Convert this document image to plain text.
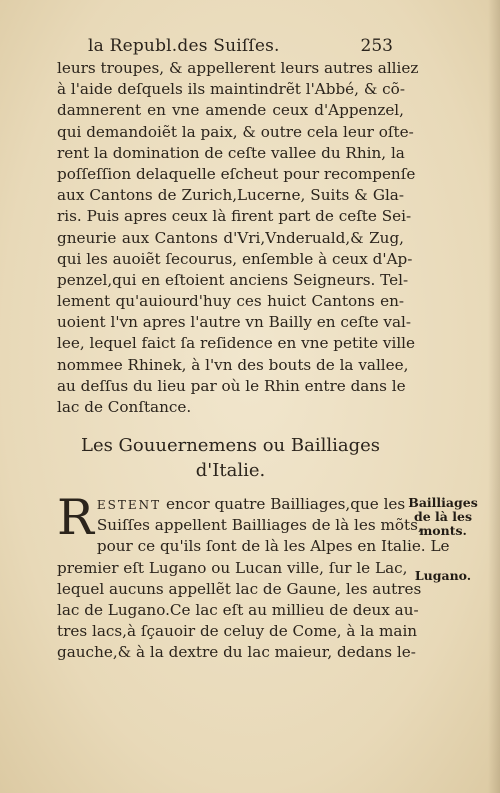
la Republ.des Suiſſes.	253
leurs troupes, & appellerent leurs autres alliez
à l'aide deſquels ils maintindrẽt l'Abbé, & cõ-
damnerent en vne amende ceux d'Appenzel,
qui demandoiẽt la paix, & outre cela leur oſte-
rent la domination de ceſte vallee du Rhin, la
poſſeſſion delaquelle eſcheut pour recompenſe
aux Cantons de Zurich,Lucerne, Suits & Gla-
ris. Puis apres ceux là firent part de ceſte Sei-
gneurie aux Cantons d'Vri,Vnderuald,& Zug,
qui les auoiẽt ſecourus, enſemble à ceux d'Ap-
penzel,qui en eſtoient anciens Seigneurs. Tel-
lement qu'auiourd'huy ces huict Cantons en-
uoient l'vn apres l'autre vn Bailly en ceſte val-
lee, lequel faict ſa reſidence en vne petite ville
nommee Rhinek, à l'vn des bouts de la vallee,
au deſſus du lieu par où le Rhin entre dans le
lac de Conſtance.
Les Gouuernemens ou Bailliages
d'Italie.
R ESTENT encor quatre Bailliages,que les
Suiſſes appellent Bailliages de là les mõts,
pour ce qu'ils ſont de là les Alpes en Italie. Le
premier eſt Lugano ou Lucan ville, ſur le Lac,
lequel aucuns appellẽt lac de Gaune, les autres
lac de Lugano.Ce lac eſt au millieu de deux au-
tres lacs,à ſçauoir de celuy de Come, à la main
gauche,& à la dextre du lac maieur, dedans le-
Bailliages
de là les
monts.
Lugano.
